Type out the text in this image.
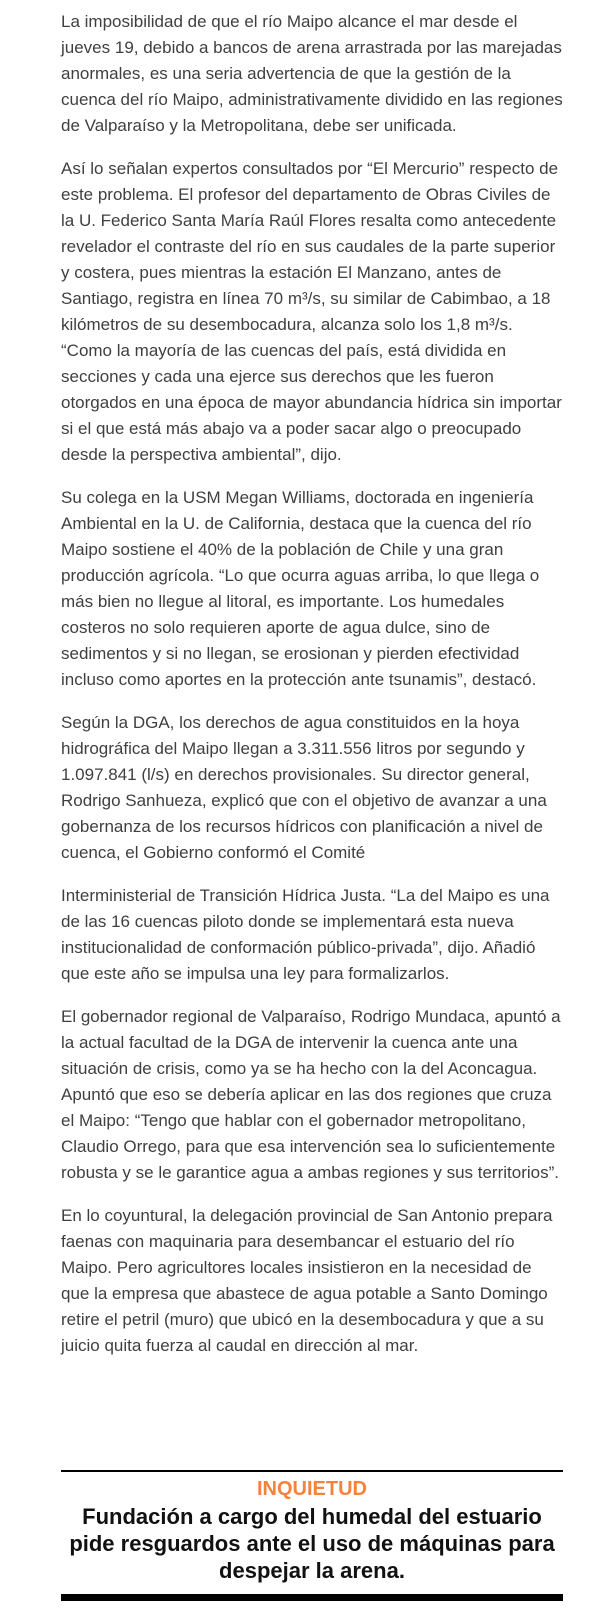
La imposibilidad de que el río Maipo alcance el mar desde el jueves 19, debido a bancos de arena arrastrada por las marejadas anormales, es una seria advertencia de que la gestión de la cuenca del río Maipo, administrativamente dividido en las regiones de Valparaíso y la Metropolitana, debe ser unificada.

Así lo señalan expertos consultados por “El Mercurio” respecto de este problema. El profesor del departamento de Obras Civiles de la U. Federico Santa María Raúl Flores resalta como antecedente revelador el contraste del río en sus caudales de la parte superior y costera, pues mientras la estación El Manzano, antes de Santiago, registra en línea 70 m³/s, su similar de Cabimbao, a 18 kilómetros de su desembocadura, alcanza solo los 1,8 m³/s. “Como la mayoría de las cuencas del país, está dividida en secciones y cada una ejerce sus derechos que les fueron otorgados en una época de mayor abundancia hídrica sin importar si el que está más abajo va a poder sacar algo o preocupado desde la perspectiva ambiental”, dijo.

Su colega en la USM Megan Williams, doctorada en ingeniería Ambiental en la U. de California, destaca que la cuenca del río Maipo sostiene el 40% de la población de Chile y una gran producción agrícola. “Lo que ocurra aguas arriba, lo que llega o más bien no llegue al litoral, es importante. Los humedales costeros no solo requieren aporte de agua dulce, sino de sedimentos y si no llegan, se erosionan y pierden efectividad incluso como aportes en la protección ante tsunamis”, destacó.

Según la DGA, los derechos de agua constituidos en la hoya hidrográfica del Maipo llegan a 3.311.556 litros por segundo y 1.097.841 (l/s) en derechos provisionales. Su director general, Rodrigo Sanhueza, explicó que con el objetivo de avanzar a una gobernanza de los recursos hídricos con planificación a nivel de cuenca, el Gobierno conformó el Comité

Interministerial de Transición Hídrica Justa. “La del Maipo es una de las 16 cuencas piloto donde se implementará esta nueva institucionalidad de conformación público-privada”, dijo. Añadió que este año se impulsa una ley para formalizarlos.

El gobernador regional de Valparaíso, Rodrigo Mundaca, apuntó a la actual facultad de la DGA de intervenir la cuenca ante una situación de crisis, como ya se ha hecho con la del Aconcagua. Apuntó que eso se debería aplicar en las dos regiones que cruza el Maipo: “Tengo que hablar con el gobernador metropolitano, Claudio Orrego, para que esa intervención sea lo suficientemente robusta y se le garantice agua a ambas regiones y sus territorios”.

En lo coyuntural, la delegación provincial de San Antonio prepara faenas con maquinaria para desembancar el estuario del río Maipo. Pero agricultores locales insistieron en la necesidad de que la empresa que abastece de agua potable a Santo Domingo retire el petril (muro) que ubicó en la desembocadura y que a su juicio quita fuerza al caudal en dirección al mar.

INQUIETUD
Fundación a cargo del humedal del estuario pide resguardos ante el uso de máquinas para despejar la arena.
